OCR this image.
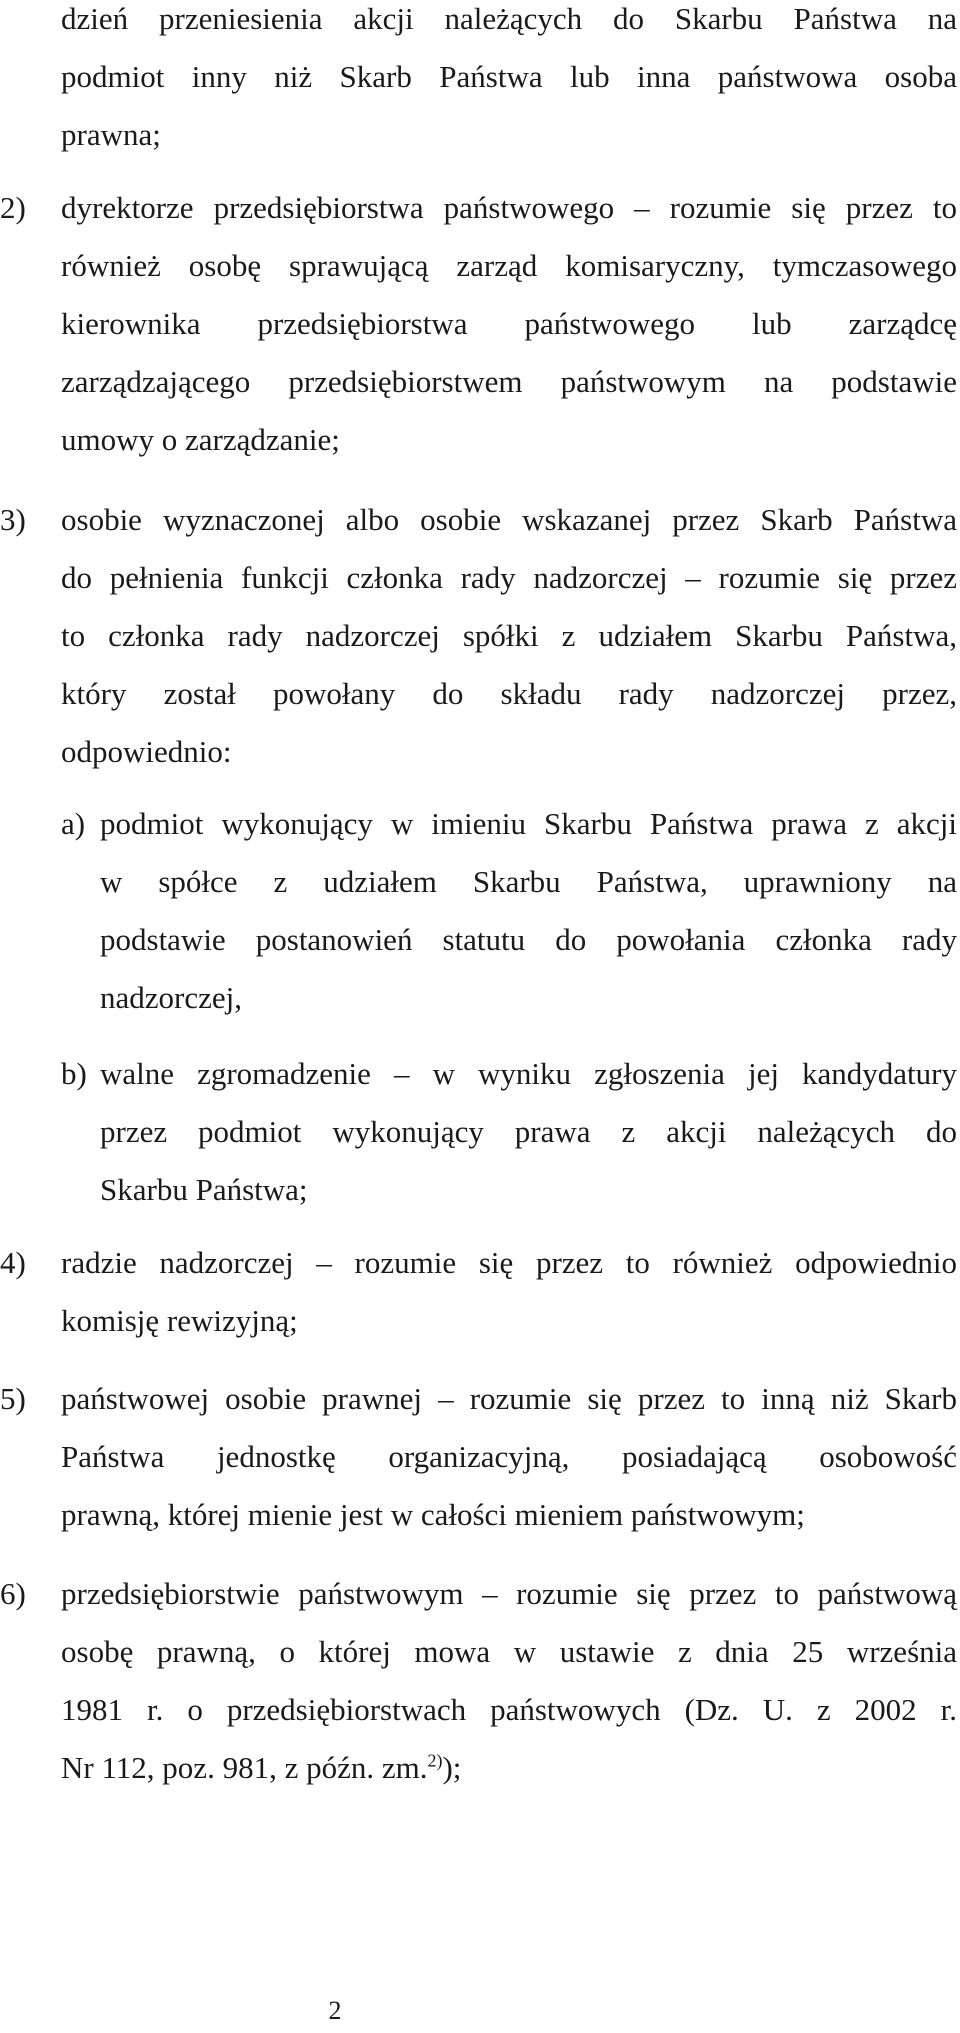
dzień przeniesienia akcji należących do Skarbu Państwa na
podmiot inny niż Skarb Państwa lub inna państwowa osoba
prawna;
2) dyrektorze przedsiębiorstwa państwowego – rozumie się przez to
również osobę sprawującą zarząd komisaryczny, tymczasowego
kierownika przedsiębiorstwa państwowego lub zarządcę
zarządzającego przedsiębiorstwem państwowym na podstawie
umowy o zarządzanie;
3) osobie wyznaczonej albo osobie wskazanej przez Skarb Państwa
do pełnienia funkcji członka rady nadzorczej – rozumie się przez
to członka rady nadzorczej spółki z udziałem Skarbu Państwa,
który został powołany do składu rady nadzorczej przez,
odpowiednio:
a) podmiot wykonujący w imieniu Skarbu Państwa prawa z akcji
w spółce z udziałem Skarbu Państwa, uprawniony na
podstawie postanowień statutu do powołania członka rady
nadzorczej,
b) walne zgromadzenie – w wyniku zgłoszenia jej kandydatury
przez podmiot wykonujący prawa z akcji należących do
Skarbu Państwa;
4) radzie nadzorczej – rozumie się przez to również odpowiednio
komisję rewizyjną;
5) państwowej osobie prawnej – rozumie się przez to inną niż Skarb
Państwa jednostkę organizacyjną, posiadającą osobowość
prawną, której mienie jest w całości mieniem państwowym;
6) przedsiębiorstwie państwowym – rozumie się przez to państwową
osobę prawną, o której mowa w ustawie z dnia 25 września
1981 r. o przedsiębiorstwach państwowych (Dz. U. z 2002 r.
Nr 112, poz. 981, z późn. zm.$^{2)}$);
2
